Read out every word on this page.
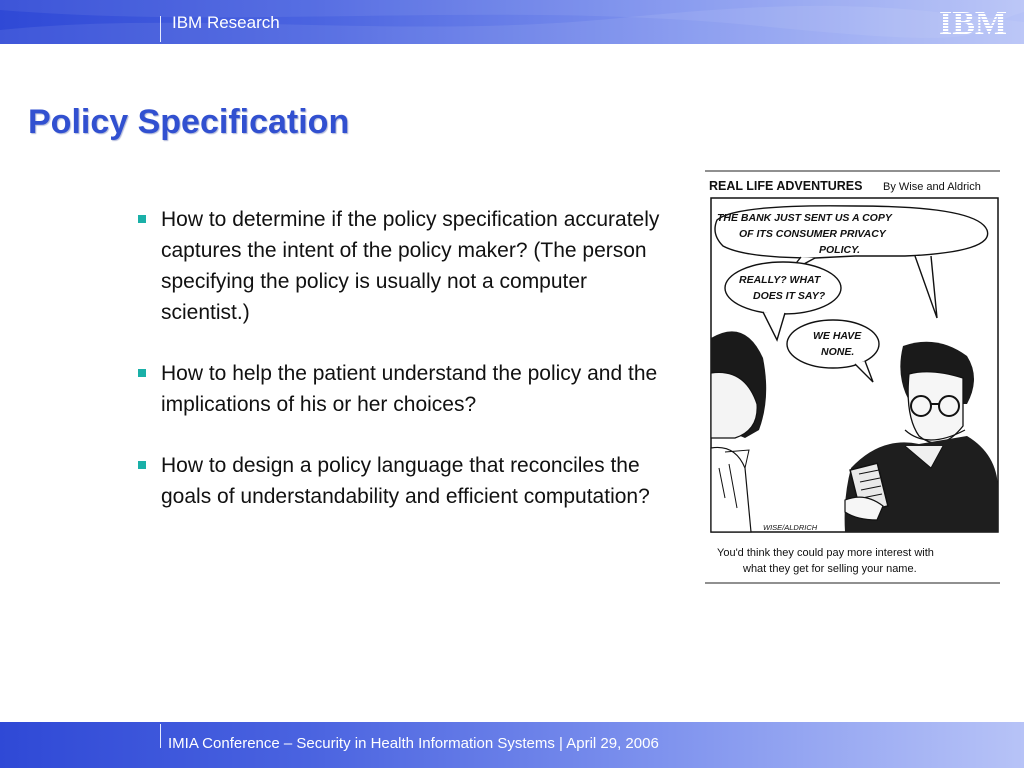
IBM Research	IBM
Policy Specification
How to determine if the policy specification accurately captures the intent of the policy maker? (The person specifying the policy is usually not a computer scientist.)
How to help the patient understand the policy and the implications of his or her choices?
How to design a policy language that reconciles the goals of understandability and efficient computation?
REAL LIFE ADVENTURES By Wise and Aldrich
THE BANK JUST SENT US A COPY
OF ITS CONSUMER PRIVACY
POLICY.
REALLY? WHAT
DOES IT SAY?
WE HAVE
NONE.
WISE/ALDRICH
You'd think they could pay more interest with
what they get for selling your name.
IMIA Conference – Security in Health Information Systems | April 29, 2006
